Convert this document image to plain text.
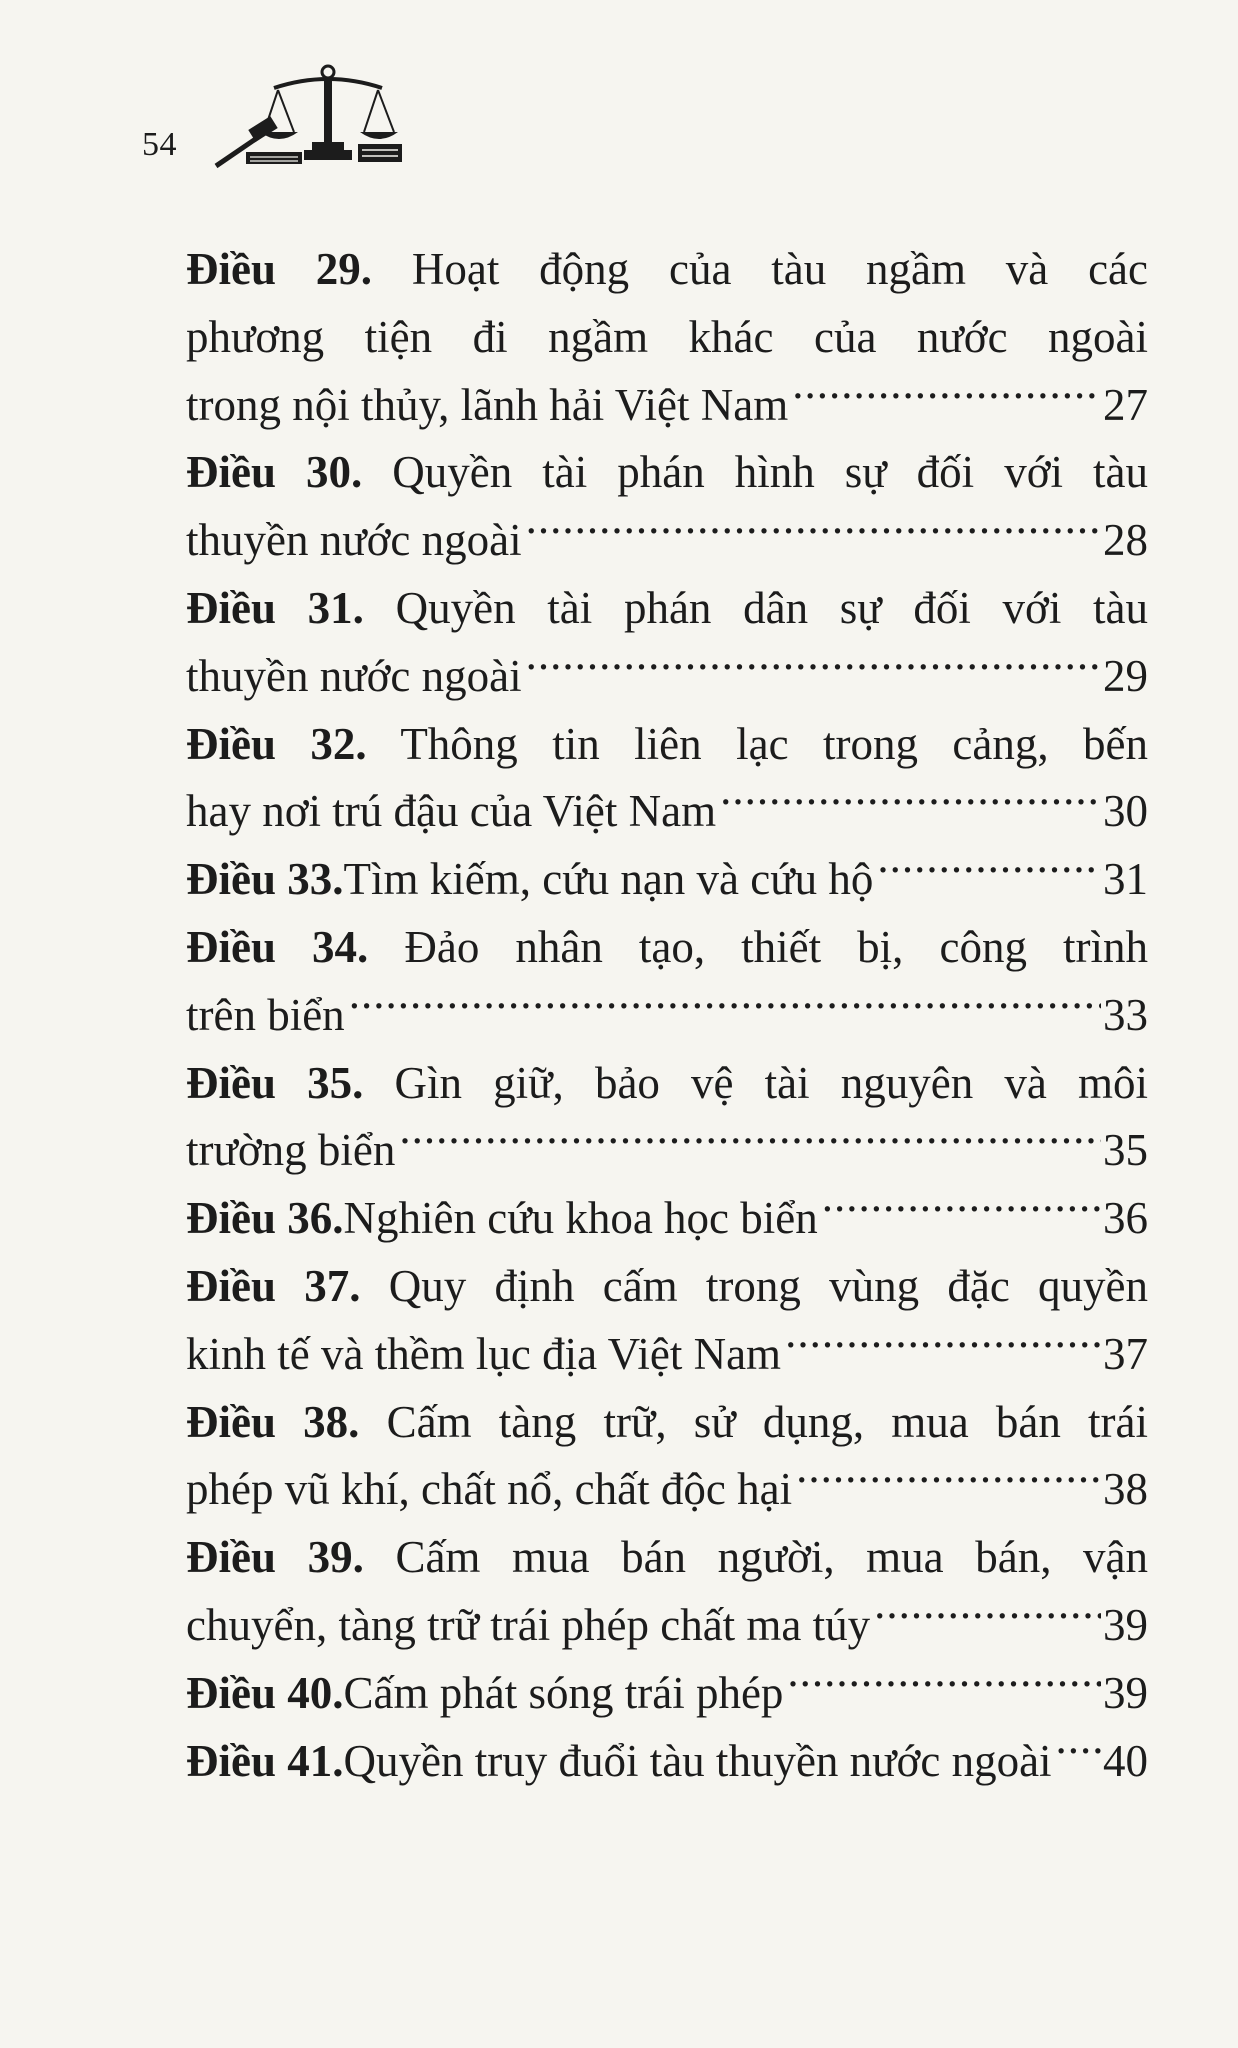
54
Điều 29. Hoạt động của tàu ngầm và các
phương tiện đi ngầm khác của nước ngoài
trong nội thủy, lãnh hải Việt Nam .....	27
Điều 30. Quyền tài phán hình sự đối với tàu
thuyền nước ngoài .....	28
Điều 31. Quyền tài phán dân sự đối với tàu
thuyền nước ngoài .....	29
Điều 32. Thông tin liên lạc trong cảng, bến
hay nơi trú đậu của Việt Nam .....	30
Điều 33. Tìm kiếm, cứu nạn và cứu hộ .....	31
Điều 34. Đảo nhân tạo, thiết bị, công trình
trên biển .....	33
Điều 35. Gìn giữ, bảo vệ tài nguyên và môi
trường biển .....	35
Điều 36. Nghiên cứu khoa học biển .....	36
Điều 37. Quy định cấm trong vùng đặc quyền
kinh tế và thềm lục địa Việt Nam .....	37
Điều 38. Cấm tàng trữ, sử dụng, mua bán trái
phép vũ khí, chất nổ, chất độc hại .....	38
Điều 39. Cấm mua bán người, mua bán, vận
chuyển, tàng trữ trái phép chất ma túy .....	39
Điều 40. Cấm phát sóng trái phép .....	39
Điều 41. Quyền truy đuổi tàu thuyền nước ngoài ..... 40
